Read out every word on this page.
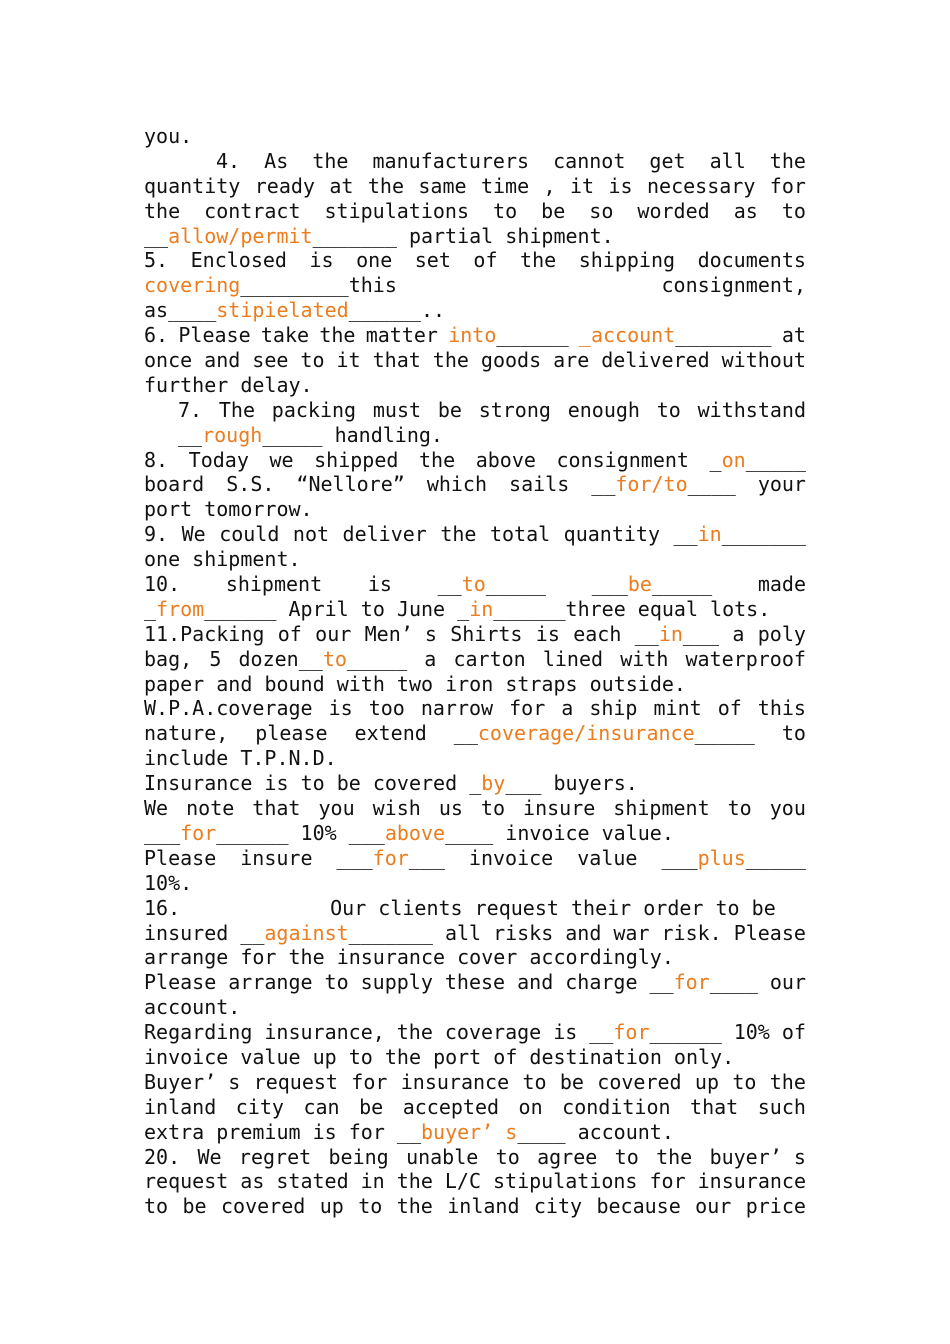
you.
4. As the manufacturers cannot get all the
quantity ready at the same time , it is necessary for
the contract stipulations to be so worded as to
__allow/permit_______ partial shipment.
5. Enclosed is one set of the shipping documents
covering_________this	consignment,
as____stipielated______..
6. Please take the matter into______ _account________ at
once and see to it that the goods are delivered without
further delay.
7. The packing must be strong enough to withstand
__rough_____ handling.
8. Today we shipped the above consignment _on_____
board S.S. “Nellore” which sails __for/to____ your
port tomorrow.
9. We could not deliver the total quantity __in_______
one shipment.
10. shipment is __to_____ ___be_____ made
_from______ April to June _in______three equal lots.
11.Packing of our Men’ s Shirts is each __in___ a poly
bag, 5 dozen__to_____ a carton lined with waterproof
paper and bound with two iron straps outside.
W.P.A.coverage is too narrow for a ship mint of this
nature, please extend __coverage/insurance_____ to
include T.P.N.D.
Insurance is to be covered _by___ buyers.
We note that you wish us to insure shipment to you
___for______ 10% ___above____ invoice value.
Please insure ___for___ invoice value ___plus_____
10%.
16.	Our clients request their order to be
insured __against_______ all risks and war risk. Please
arrange for the insurance cover accordingly.
Please arrange to supply these and charge __for____ our
account.
Regarding insurance, the coverage is __for______ 10% of
invoice value up to the port of destination only.
Buyer’ s request for insurance to be covered up to the
inland city can be accepted on condition that such
extra premium is for __buyer’ s____ account.
20. We regret being unable to agree to the buyer’ s
request as stated in the L/C stipulations for insurance
to be covered up to the inland city because our price
